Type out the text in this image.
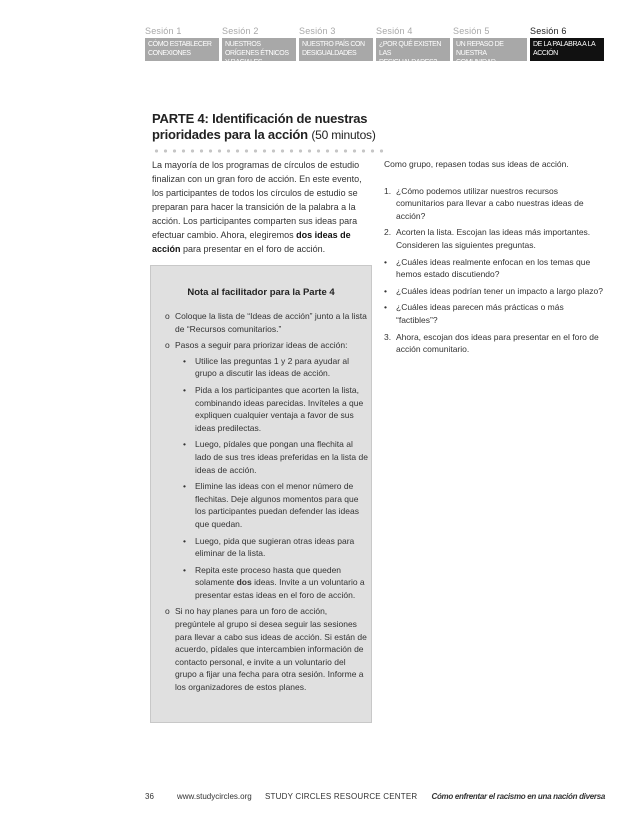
Sesión 1
CÓMO ESTABLECER CONEXIONES
Sesión 2
NUESTROS ORÍGENES ÉTNICOS Y RACIALES
Sesión 3
NUESTRO PAÍS CON DESIGUALDADES
Sesión 4
¿POR QUÉ EXISTEN LAS DESIGUALDADES?
Sesión 5
UN REPASO DE NUESTRA COMUNIDAD
Sesión 6
DE LA PALABRA A LA ACCIÓN
PARTE 4: Identificación de nuestras prioridades para la acción (50 minutos)
La mayoría de los programas de círculos de estudio finalizan con un gran foro de acción. En este evento, los participantes de todos los círculos de estudio se preparan para hacer la transición de la palabra a la acción. Los participantes comparten sus ideas para efectuar cambio. Ahora, elegiremos dos ideas de acción para presentar en el foro de acción.
Nota al facilitador para la Parte 4
o Coloque la lista de “Ideas de acción” junto a la lista de “Recursos comunitarios.”
o Pasos a seguir para priorizar ideas de acción:
• Utilice las preguntas 1 y 2 para ayudar al grupo a discutir las ideas de acción.
• Pida a los participantes que acorten la lista, combinando ideas parecidas. Invíteles a que expliquen cualquier ventaja a favor de sus ideas predilectas.
• Luego, pídales que pongan una flechita al lado de sus tres ideas preferidas en la lista de ideas de acción.
• Elimine las ideas con el menor número de flechitas. Deje algunos momentos para que los participantes puedan defender las ideas que quedan.
• Luego, pida que sugieran otras ideas para eliminar de la lista.
• Repita este proceso hasta que queden solamente dos ideas. Invite a un voluntario a presentar estas ideas en el foro de acción.
o Si no hay planes para un foro de acción, pregúntele al grupo si desea seguir las sesiones para llevar a cabo sus ideas de acción. Si están de acuerdo, pídales que intercambien información de contacto personal, e invite a un voluntario del grupo a fijar una fecha para otra sesión. Informe a los organizadores de estos planes.
Como grupo, repasen todas sus ideas de acción.
1. ¿Cómo podemos utilizar nuestros recursos comunitarios para llevar a cabo nuestras ideas de acción?
2. Acorten la lista. Escojan las ideas más importantes. Consideren las siguientes preguntas.
• ¿Cuáles ideas realmente enfocan en los temas que hemos estado discutiendo?
• ¿Cuáles ideas podrían tener un impacto a largo plazo?
• ¿Cuáles ideas parecen más prácticas o más “factibles”?
3. Ahora, escojan dos ideas para presentar en el foro de acción comunitario.
36	www.studycircles.org STUDY CIRCLES RESOURCE CENTER Cómo enfrentar el racismo en una nación diversa
